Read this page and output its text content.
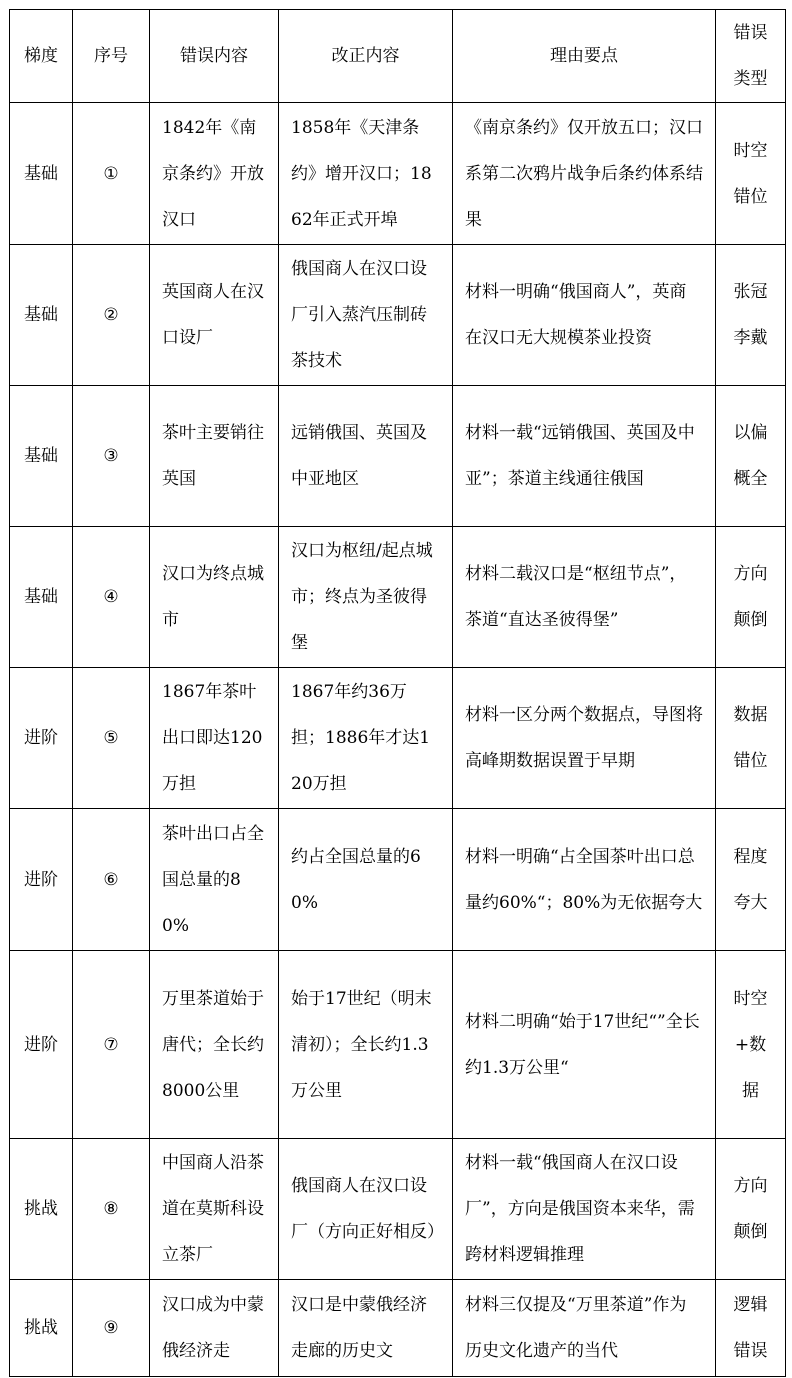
梯度	序号	错误内容	改正内容	理由要点	错误类型
基础	①	1842年《南京条约》开放汉口	1858年《天津条约》增开汉口；1862年正式开埠	《南京条约》仅开放五口；汉口系第二次鸦片战争后条约体系结果	时空错位
基础	②	英国商人在汉口设厂	俄国商人在汉口设厂引入蒸汽压制砖茶技术	材料一明确“俄国商人”，英商在汉口无大规模茶业投资	张冠李戴
基础	③	茶叶主要销往英国	远销俄国、英国及中亚地区	材料一载“远销俄国、英国及中亚”；茶道主线通往俄国	以偏概全
基础	④	汉口为终点城市	汉口为枢纽/起点城市；终点为圣彼得堡	材料二载汉口是“枢纽节点”，茶道“直达圣彼得堡”	方向颠倒
进阶	⑤	1867年茶叶出口即达120万担	1867年约36万担；1886年才达120万担	材料一区分两个数据点，导图将高峰期数据误置于早期	数据错位
进阶	⑥	茶叶出口占全国总量的80%	约占全国总量的60%	材料一明确“占全国茶叶出口总量约60%“；80%为无依据夸大	程度夸大
进阶	⑦	万里茶道始于唐代；全长约8000公里	始于17世纪（明末清初）；全长约1.3万公里	材料二明确“始于17世纪“”全长约1.3万公里“	时空+数据
挑战	⑧	中国商人沿茶道在莫斯科设立茶厂	俄国商人在汉口设厂（方向正好相反）	材料一载“俄国商人在汉口设厂”，方向是俄国资本来华，需跨材料逻辑推理	方向颠倒
挑战	⑨	汉口成为中蒙俄经济走	汉口是中蒙俄经济走廊的历史文	材料三仅提及“万里茶道”作为历史文化遗产的当代	逻辑错误
